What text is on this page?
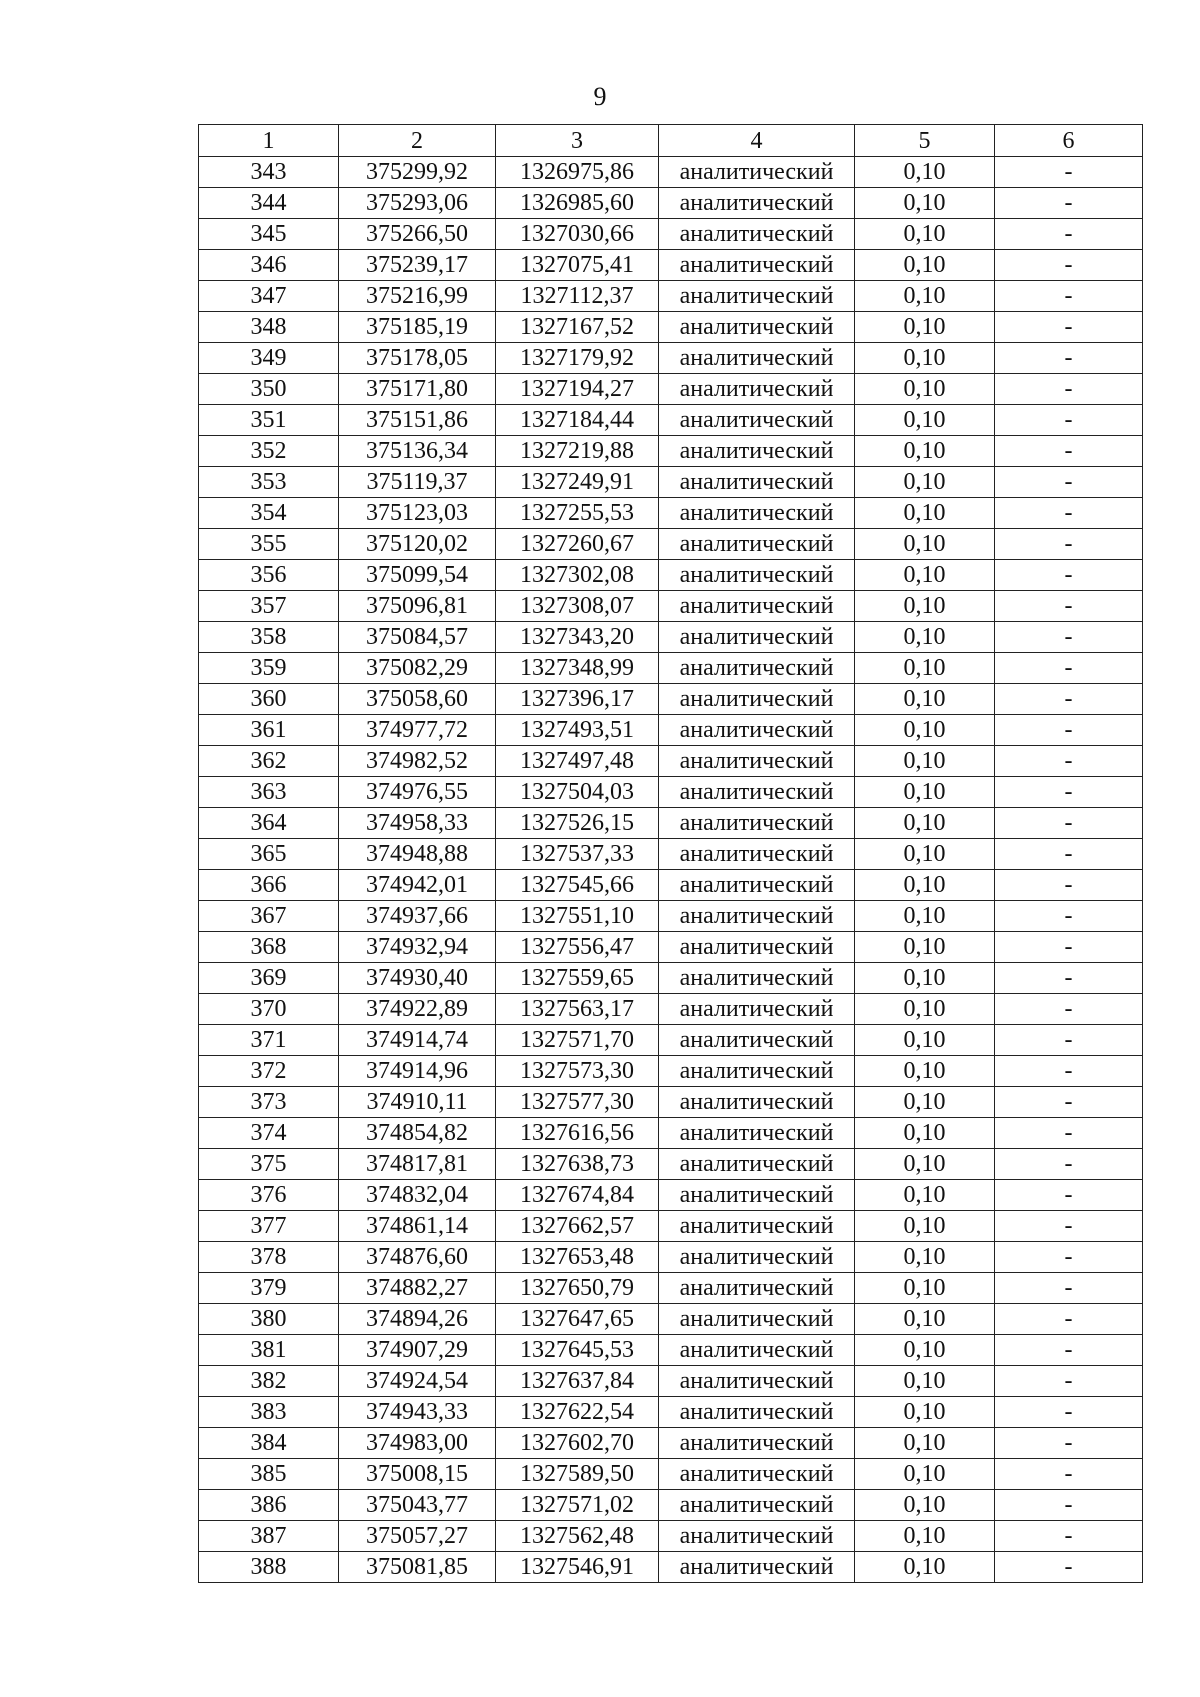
9
1	2	3	4	5	6
343	375299,92	1326975,86	аналитический	0,10	-
344	375293,06	1326985,60	аналитический	0,10	-
345	375266,50	1327030,66	аналитический	0,10	-
346	375239,17	1327075,41	аналитический	0,10	-
347	375216,99	1327112,37	аналитический	0,10	-
348	375185,19	1327167,52	аналитический	0,10	-
349	375178,05	1327179,92	аналитический	0,10	-
350	375171,80	1327194,27	аналитический	0,10	-
351	375151,86	1327184,44	аналитический	0,10	-
352	375136,34	1327219,88	аналитический	0,10	-
353	375119,37	1327249,91	аналитический	0,10	-
354	375123,03	1327255,53	аналитический	0,10	-
355	375120,02	1327260,67	аналитический	0,10	-
356	375099,54	1327302,08	аналитический	0,10	-
357	375096,81	1327308,07	аналитический	0,10	-
358	375084,57	1327343,20	аналитический	0,10	-
359	375082,29	1327348,99	аналитический	0,10	-
360	375058,60	1327396,17	аналитический	0,10	-
361	374977,72	1327493,51	аналитический	0,10	-
362	374982,52	1327497,48	аналитический	0,10	-
363	374976,55	1327504,03	аналитический	0,10	-
364	374958,33	1327526,15	аналитический	0,10	-
365	374948,88	1327537,33	аналитический	0,10	-
366	374942,01	1327545,66	аналитический	0,10	-
367	374937,66	1327551,10	аналитический	0,10	-
368	374932,94	1327556,47	аналитический	0,10	-
369	374930,40	1327559,65	аналитический	0,10	-
370	374922,89	1327563,17	аналитический	0,10	-
371	374914,74	1327571,70	аналитический	0,10	-
372	374914,96	1327573,30	аналитический	0,10	-
373	374910,11	1327577,30	аналитический	0,10	-
374	374854,82	1327616,56	аналитический	0,10	-
375	374817,81	1327638,73	аналитический	0,10	-
376	374832,04	1327674,84	аналитический	0,10	-
377	374861,14	1327662,57	аналитический	0,10	-
378	374876,60	1327653,48	аналитический	0,10	-
379	374882,27	1327650,79	аналитический	0,10	-
380	374894,26	1327647,65	аналитический	0,10	-
381	374907,29	1327645,53	аналитический	0,10	-
382	374924,54	1327637,84	аналитический	0,10	-
383	374943,33	1327622,54	аналитический	0,10	-
384	374983,00	1327602,70	аналитический	0,10	-
385	375008,15	1327589,50	аналитический	0,10	-
386	375043,77	1327571,02	аналитический	0,10	-
387	375057,27	1327562,48	аналитический	0,10	-
388	375081,85	1327546,91	аналитический	0,10	-
